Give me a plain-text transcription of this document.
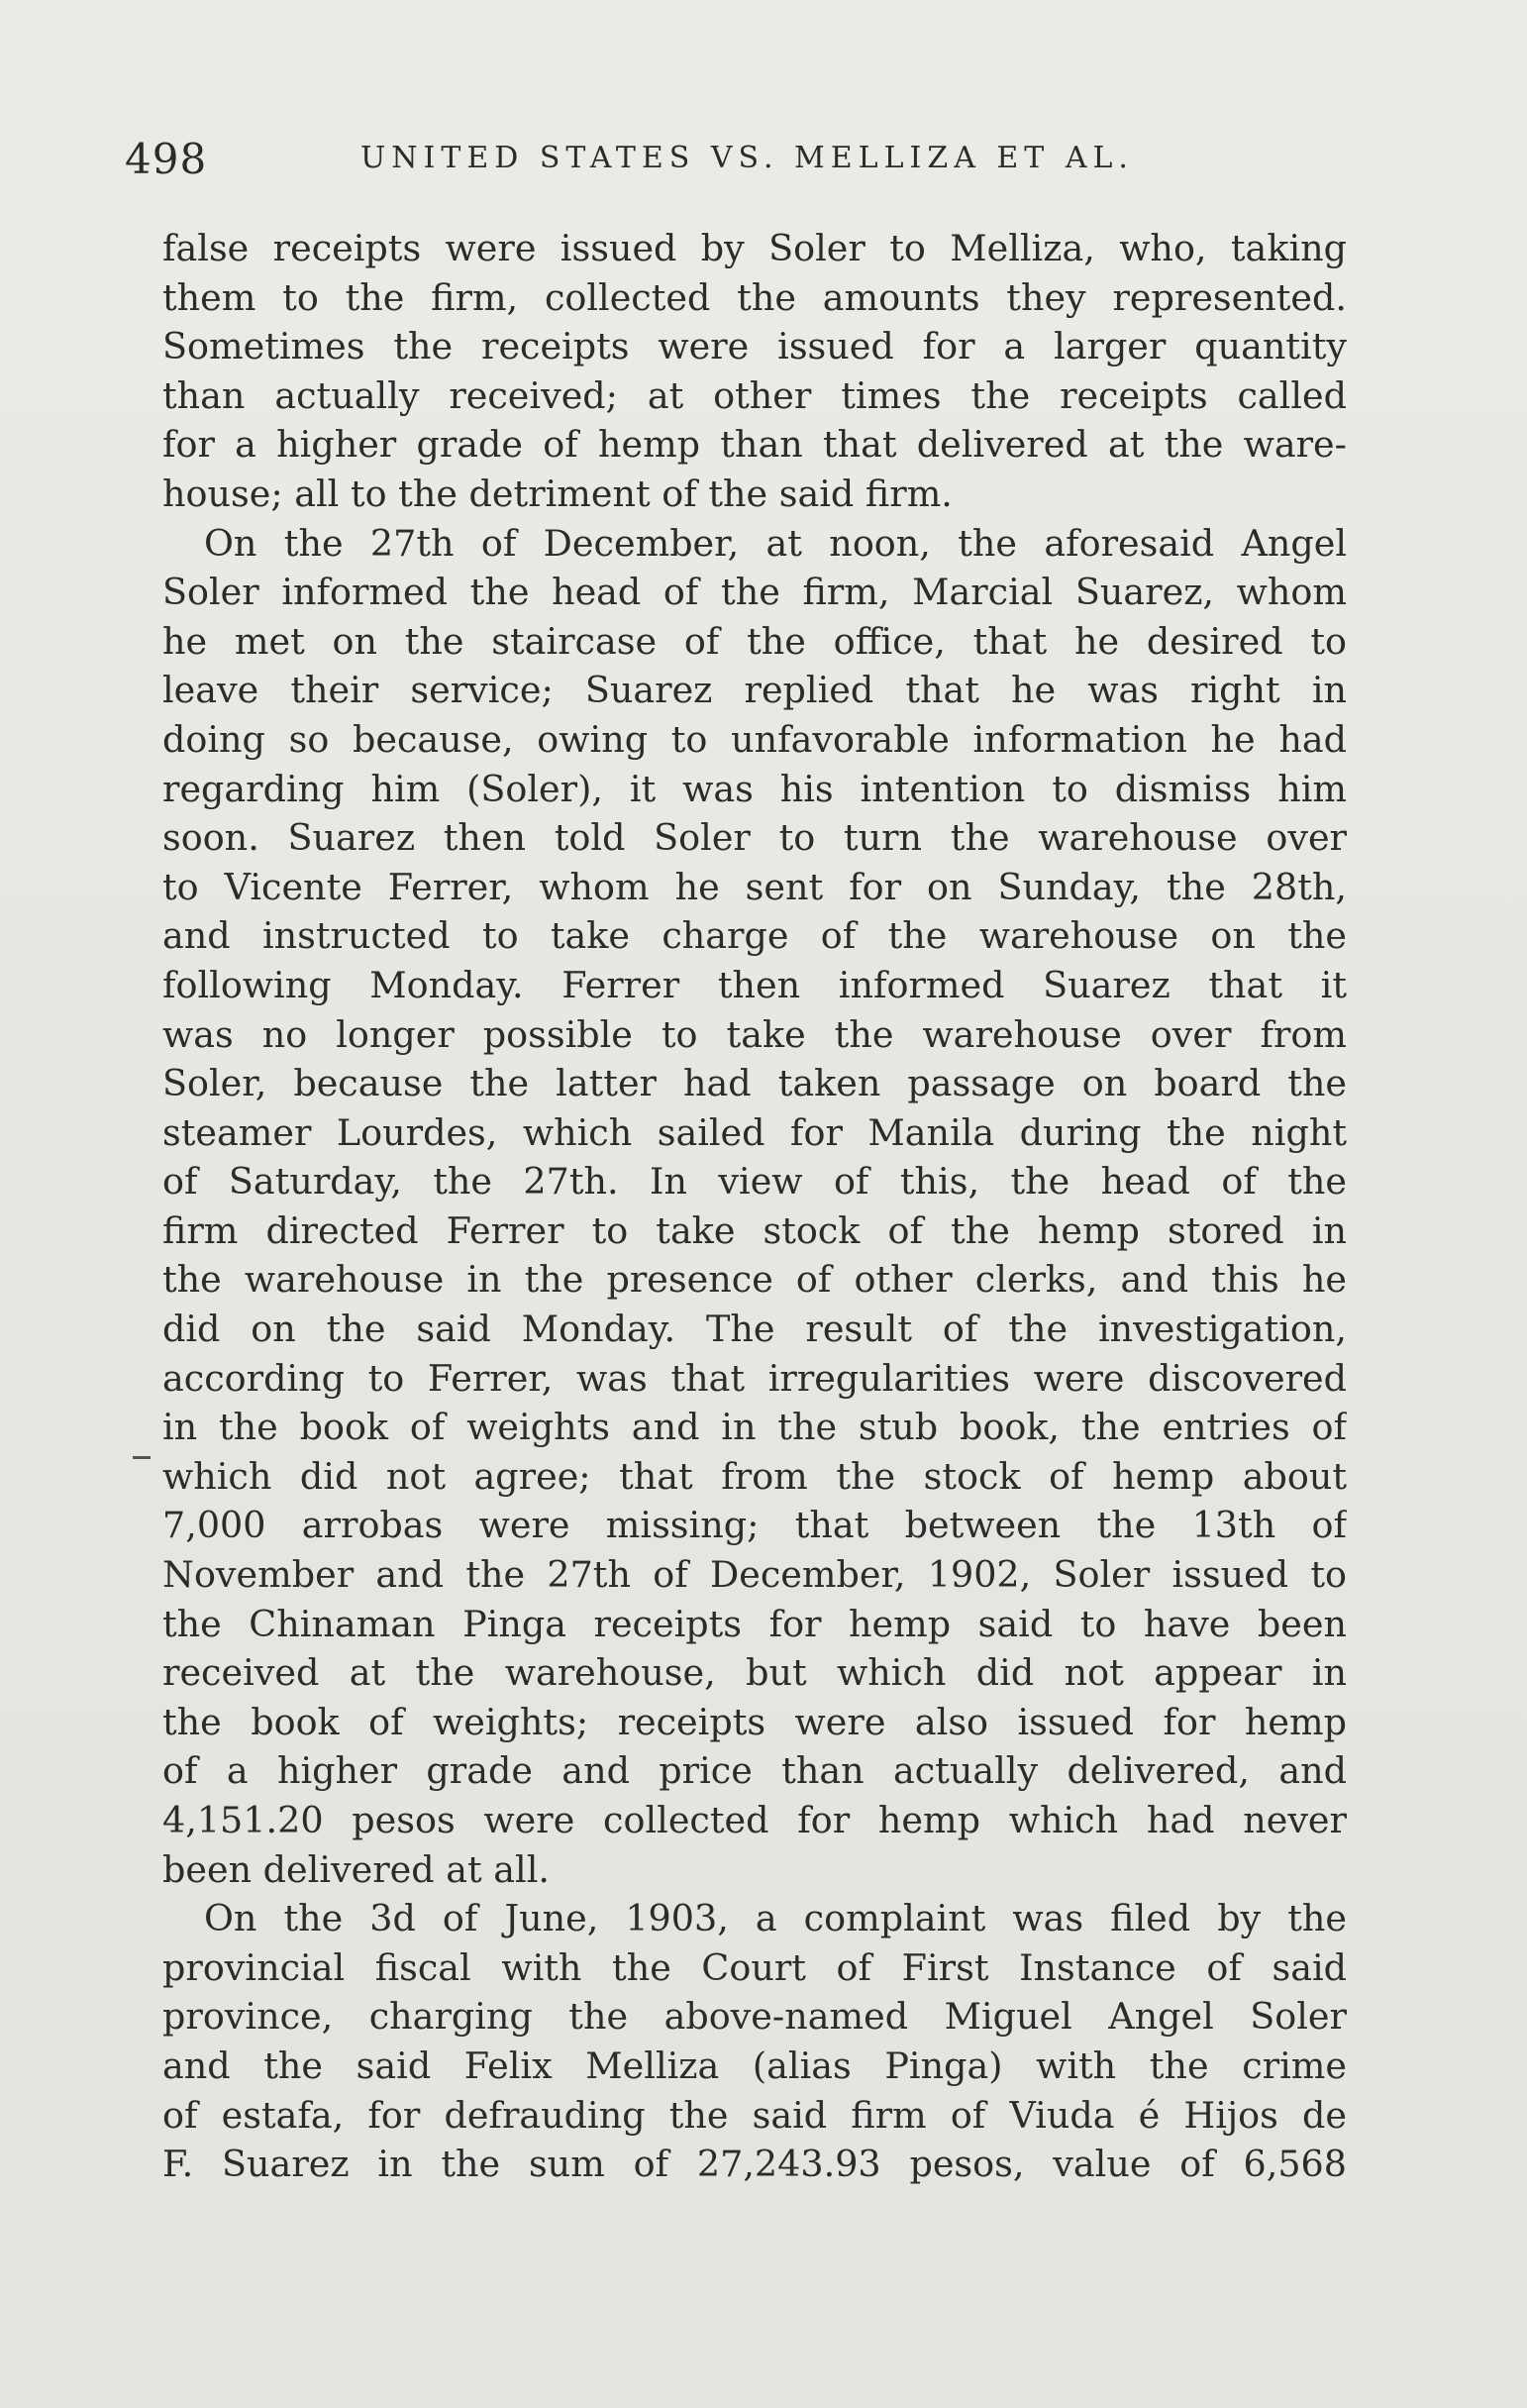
498	UNITED STATES VS. MELLIZA ET AL.
false receipts were issued by Soler to Melliza, who, taking
them to the firm, collected the amounts they represented.
Sometimes the receipts were issued for a larger quantity
than actually received; at other times the receipts called
for a higher grade of hemp than that delivered at the ware-
house; all to the detriment of the said firm.
On the 27th of December, at noon, the aforesaid Angel
Soler informed the head of the firm, Marcial Suarez, whom
he met on the staircase of the office, that he desired to
leave their service; Suarez replied that he was right in
doing so because, owing to unfavorable information he had
regarding him (Soler), it was his intention to dismiss him
soon. Suarez then told Soler to turn the warehouse over
to Vicente Ferrer, whom he sent for on Sunday, the 28th,
and instructed to take charge of the warehouse on the
following Monday. Ferrer then informed Suarez that it
was no longer possible to take the warehouse over from
Soler, because the latter had taken passage on board the
steamer Lourdes, which sailed for Manila during the night
of Saturday, the 27th. In view of this, the head of the
firm directed Ferrer to take stock of the hemp stored in
the warehouse in the presence of other clerks, and this he
did on the said Monday. The result of the investigation,
according to Ferrer, was that irregularities were discovered
in the book of weights and in the stub book, the entries of
which did not agree; that from the stock of hemp about
7,000 arrobas were missing; that between the 13th of
November and the 27th of December, 1902, Soler issued to
the Chinaman Pinga receipts for hemp said to have been
received at the warehouse, but which did not appear in
the book of weights; receipts were also issued for hemp
of a higher grade and price than actually delivered, and
4,151.20 pesos were collected for hemp which had never
been delivered at all.
On the 3d of June, 1903, a complaint was filed by the
provincial fiscal with the Court of First Instance of said
province, charging the above-named Miguel Angel Soler
and the said Felix Melliza (alias Pinga) with the crime
of estafa, for defrauding the said firm of Viuda é Hijos de
F. Suarez in the sum of 27,243.93 pesos, value of 6,568
